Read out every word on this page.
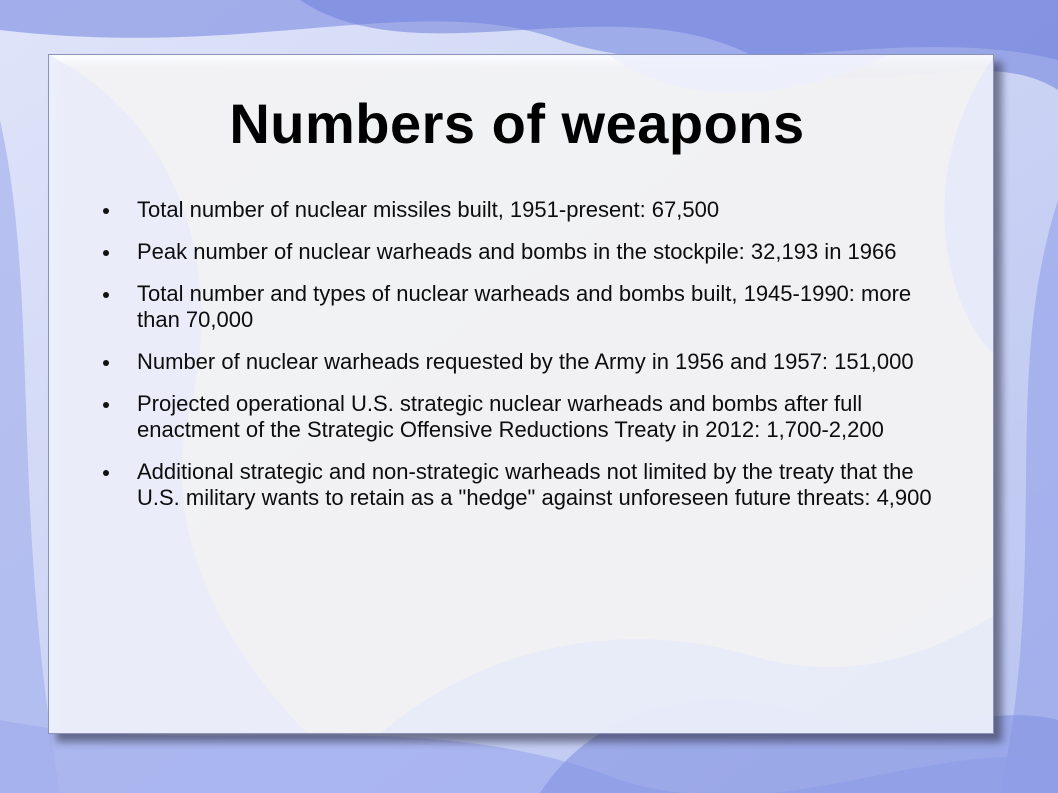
Numbers of weapons
Total number of nuclear missiles built, 1951-present: 67,500
Peak number of nuclear warheads and bombs in the stockpile: 32,193 in 1966
Total number and types of nuclear warheads and bombs built, 1945-1990: more than 70,000
Number of nuclear warheads requested by the Army in 1956 and 1957: 151,000
Projected operational U.S. strategic nuclear warheads and bombs after full enactment of the Strategic Offensive Reductions Treaty in 2012: 1,700-2,200
Additional strategic and non-strategic warheads not limited by the treaty that the U.S. military wants to retain as a "hedge" against unforeseen future threats: 4,900
